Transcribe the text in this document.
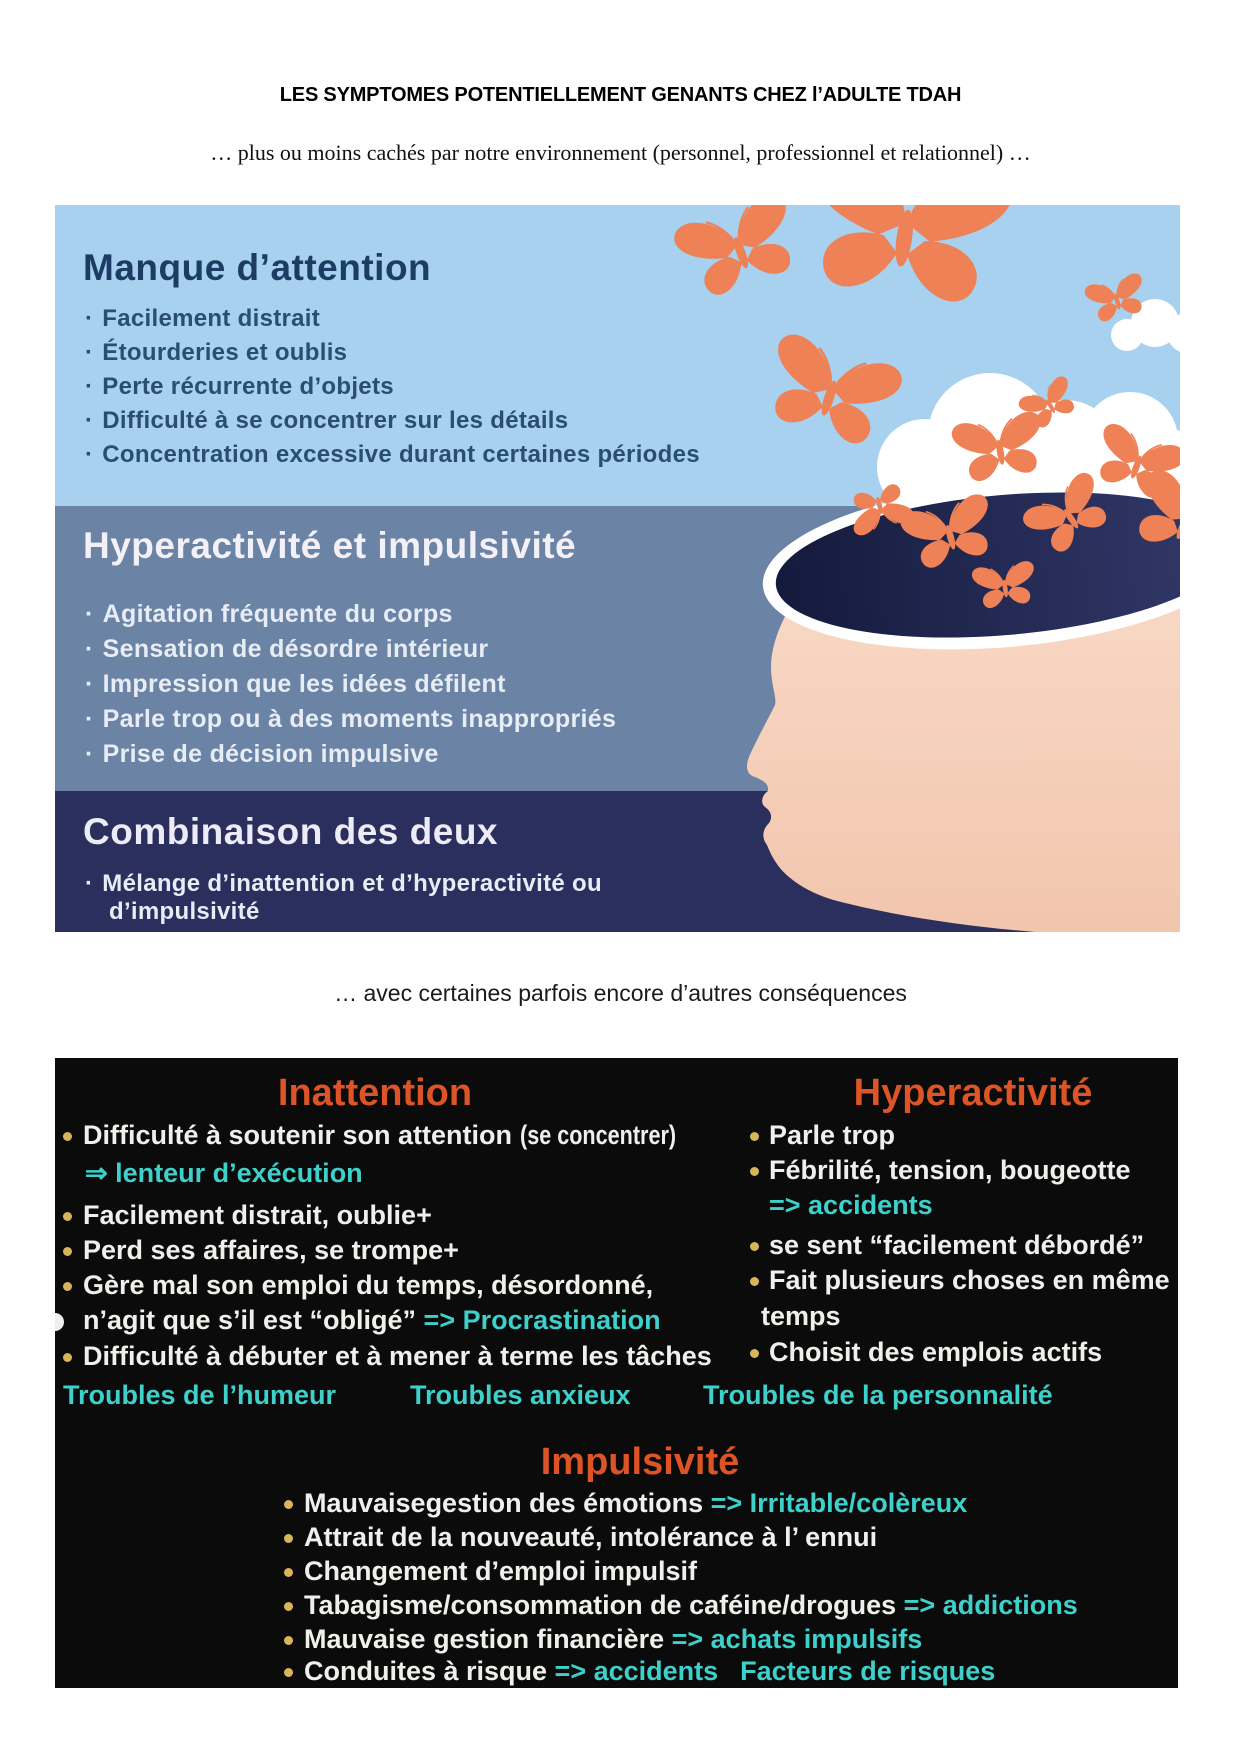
LES SYMPTOMES POTENTIELLEMENT GENANTS CHEZ l’ADULTE TDAH
… plus ou moins cachés par notre environnement (personnel, professionnel et relationnel) …
Manque d’attention
Hyperactivité et impulsivité
Combinaison des deux
· Facilement distrait
· Étourderies et oublis
· Perte récurrente d’objets
· Difficulté à se concentrer sur les détails
· Concentration excessive durant certaines périodes
· Agitation fréquente du corps
· Sensation de désordre intérieur
· Impression que les idées défilent
· Parle trop ou à des moments inappropriés
· Prise de décision impulsive
· Mélange d’inattention et d’hyperactivité ou d’impulsivité
… avec certaines parfois encore d’autres conséquences
Inattention	Hyperactivité
Impulsivité
Difficulté à soutenir son attention (se concentrer)
⇒ lenteur d’exécution
Facilement distrait, oublie+
Perd ses affaires, se trompe+
Gère mal son emploi du temps, désordonné,
n’agit que s’il est “obligé” => Procrastination
Difficulté à débuter et à mener à terme les tâches
Parle trop
Fébrilité, tension, bougeotte
=> accidents
se sent “facilement débordé”
Fait plusieurs choses en même
temps
Choisit des emplois actifs
Mauvaisegestion des émotions => Irritable/colèreux
Attrait de la nouveauté, intolérance à l’ ennui
Changement d’emploi impulsif
Tabagisme/consommation de caféine/drogues => addictions
Mauvaise gestion financière => achats impulsifs
Conduites à risque => accidents Facteurs de risques
Troubles de l’humeur	Troubles anxieux	Troubles de la personnalité
